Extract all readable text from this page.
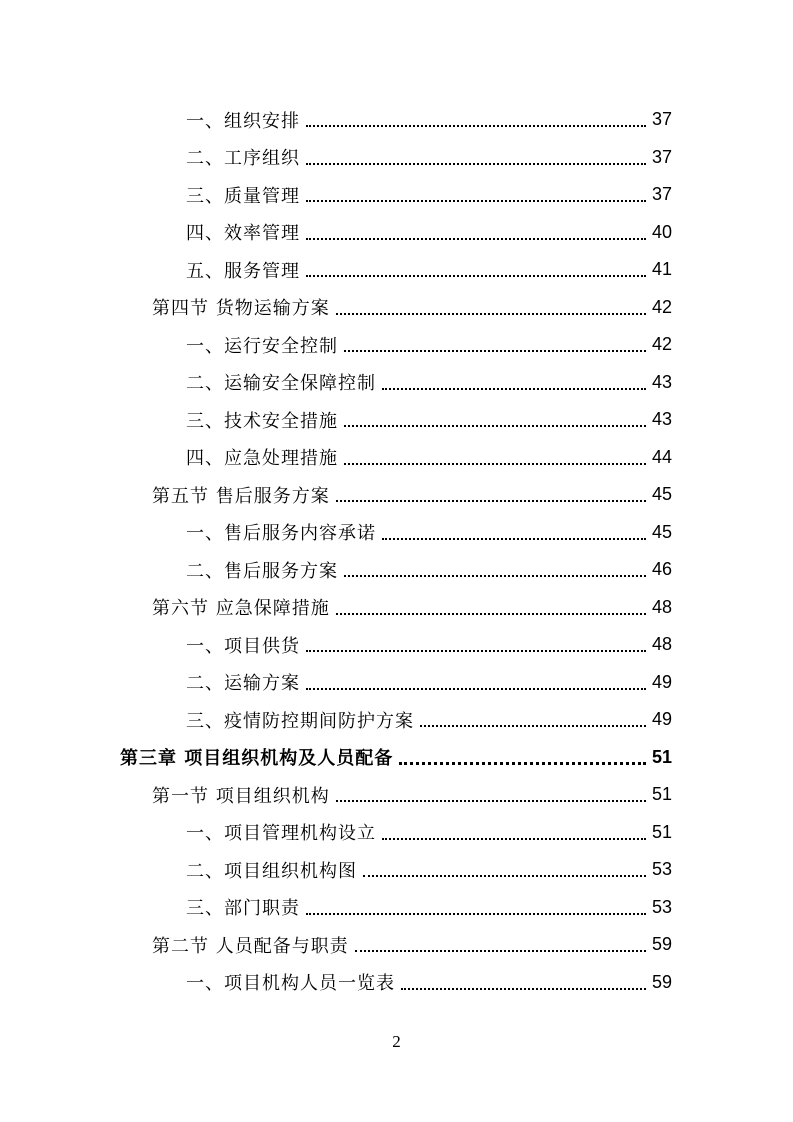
一、组织安排	37
二、工序组织	37
三、质量管理	37
四、效率管理	40
五、服务管理	41
第四节 货物运输方案	42
一、运行安全控制	42
二、运输安全保障控制	43
三、技术安全措施	43
四、应急处理措施	44
第五节 售后服务方案	45
一、售后服务内容承诺	45
二、售后服务方案	46
第六节 应急保障措施	48
一、项目供货	48
二、运输方案	49
三、疫情防控期间防护方案	49
第三章 项目组织机构及人员配备	51
第一节 项目组织机构	51
一、项目管理机构设立	51
二、项目组织机构图	53
三、部门职责	53
第二节 人员配备与职责	59
一、项目机构人员一览表	59
2
